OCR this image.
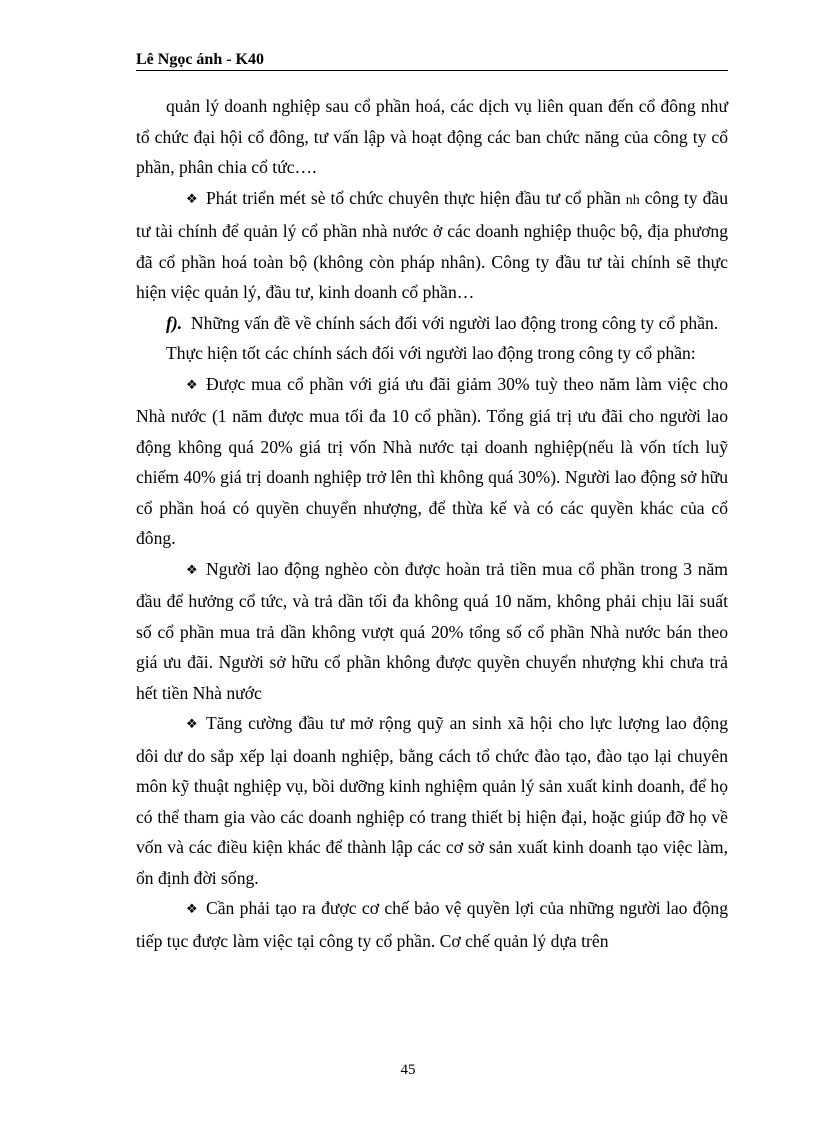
Lê Ngọc ánh - K40

quản lý doanh nghiệp sau cổ phần hoá, các dịch vụ liên quan đến cổ đông như tổ chức đại hội cổ đông, tư vấn lập và hoạt động các ban chức năng của công ty cổ phần, phân chia cổ tức….

❖ Phát triển mét sè tổ chức chuyên thực hiện đầu tư cổ phần nh công ty đầu tư tài chính để quản lý cổ phần nhà nước ở các doanh nghiệp thuộc bộ, địa phương đã cổ phần hoá toàn bộ (không còn pháp nhân). Công ty đầu tư tài chính sẽ thực hiện việc quản lý, đầu tư, kinh doanh cổ phần…

f). Những vấn đề về chính sách đối với người lao động trong công ty cổ phần.

Thực hiện tốt các chính sách đối với người lao động trong công ty cổ phần:

❖ Được mua cổ phần với giá ưu đãi giảm 30% tuỳ theo năm làm việc cho Nhà nước (1 năm được mua tối đa 10 cổ phần). Tổng giá trị ưu đãi cho người lao động không quá 20% giá trị vốn Nhà nước tại doanh nghiệp(nếu là vốn tích luỹ chiếm 40% giá trị doanh nghiệp trở lên thì không quá 30%). Người lao động sở hữu cổ phần hoá có quyền chuyển nhượng, để thừa kế và có các quyền khác của cổ đông.

❖ Người lao động nghèo còn được hoàn trả tiền mua cổ phần trong 3 năm đầu để hưởng cổ tức, và trả dần tối đa không quá 10 năm, không phải chịu lãi suất số cổ phần mua trả dần không vượt quá 20% tổng số cổ phần Nhà nước bán theo giá ưu đãi. Người sở hữu cổ phần không được quyền chuyển nhượng khi chưa trả hết tiền Nhà nước

❖ Tăng cường đầu tư mở rộng quỹ an sinh xã hội cho lực lượng lao động dôi dư do sắp xếp lại doanh nghiệp, bằng cách tổ chức đào tạo, đào tạo lại chuyên môn kỹ thuật nghiệp vụ, bồi dưỡng kinh nghiệm quản lý sản xuất kinh doanh, để họ có thể tham gia vào các doanh nghiệp có trang thiết bị hiện đại, hoặc giúp đỡ họ về vốn và các điều kiện khác để thành lập các cơ sở sản xuất kinh doanh tạo việc làm, ổn định đời sống.

❖ Cần phải tạo ra được cơ chế bảo vệ quyền lợi của những người lao động tiếp tục được làm việc tại công ty cổ phần. Cơ chế quản lý dựa trên

45
